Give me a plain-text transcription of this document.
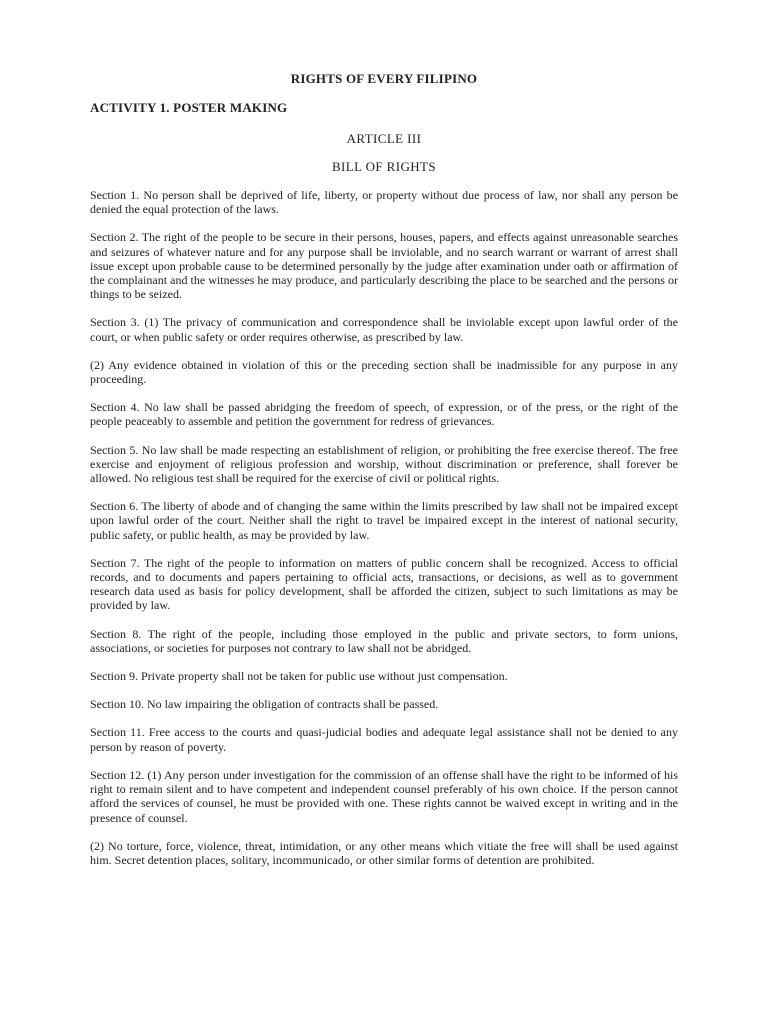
RIGHTS OF EVERY FILIPINO
ACTIVITY 1. POSTER MAKING
ARTICLE III
BILL OF RIGHTS

Section 1. No person shall be deprived of life, liberty, or property without due process of law, nor shall any person be denied the equal protection of the laws.

Section 2. The right of the people to be secure in their persons, houses, papers, and effects against unreasonable searches and seizures of whatever nature and for any purpose shall be inviolable, and no search warrant or warrant of arrest shall issue except upon probable cause to be determined personally by the judge after examination under oath or affirmation of the complainant and the witnesses he may produce, and particularly describing the place to be searched and the persons or things to be seized.

Section 3. (1) The privacy of communication and correspondence shall be inviolable except upon lawful order of the court, or when public safety or order requires otherwise, as prescribed by law.

(2) Any evidence obtained in violation of this or the preceding section shall be inadmissible for any purpose in any proceeding.

Section 4. No law shall be passed abridging the freedom of speech, of expression, or of the press, or the right of the people peaceably to assemble and petition the government for redress of grievances.

Section 5. No law shall be made respecting an establishment of religion, or prohibiting the free exercise thereof. The free exercise and enjoyment of religious profession and worship, without discrimination or preference, shall forever be allowed. No religious test shall be required for the exercise of civil or political rights.

Section 6. The liberty of abode and of changing the same within the limits prescribed by law shall not be impaired except upon lawful order of the court. Neither shall the right to travel be impaired except in the interest of national security, public safety, or public health, as may be provided by law.

Section 7. The right of the people to information on matters of public concern shall be recognized. Access to official records, and to documents and papers pertaining to official acts, transactions, or decisions, as well as to government research data used as basis for policy development, shall be afforded the citizen, subject to such limitations as may be provided by law.

Section 8. The right of the people, including those employed in the public and private sectors, to form unions, associations, or societies for purposes not contrary to law shall not be abridged.

Section 9. Private property shall not be taken for public use without just compensation.

Section 10. No law impairing the obligation of contracts shall be passed.

Section 11. Free access to the courts and quasi-judicial bodies and adequate legal assistance shall not be denied to any person by reason of poverty.

Section 12. (1) Any person under investigation for the commission of an offense shall have the right to be informed of his right to remain silent and to have competent and independent counsel preferably of his own choice. If the person cannot afford the services of counsel, he must be provided with one. These rights cannot be waived except in writing and in the presence of counsel.

(2) No torture, force, violence, threat, intimidation, or any other means which vitiate the free will shall be used against him. Secret detention places, solitary, incommunicado, or other similar forms of detention are prohibited.
